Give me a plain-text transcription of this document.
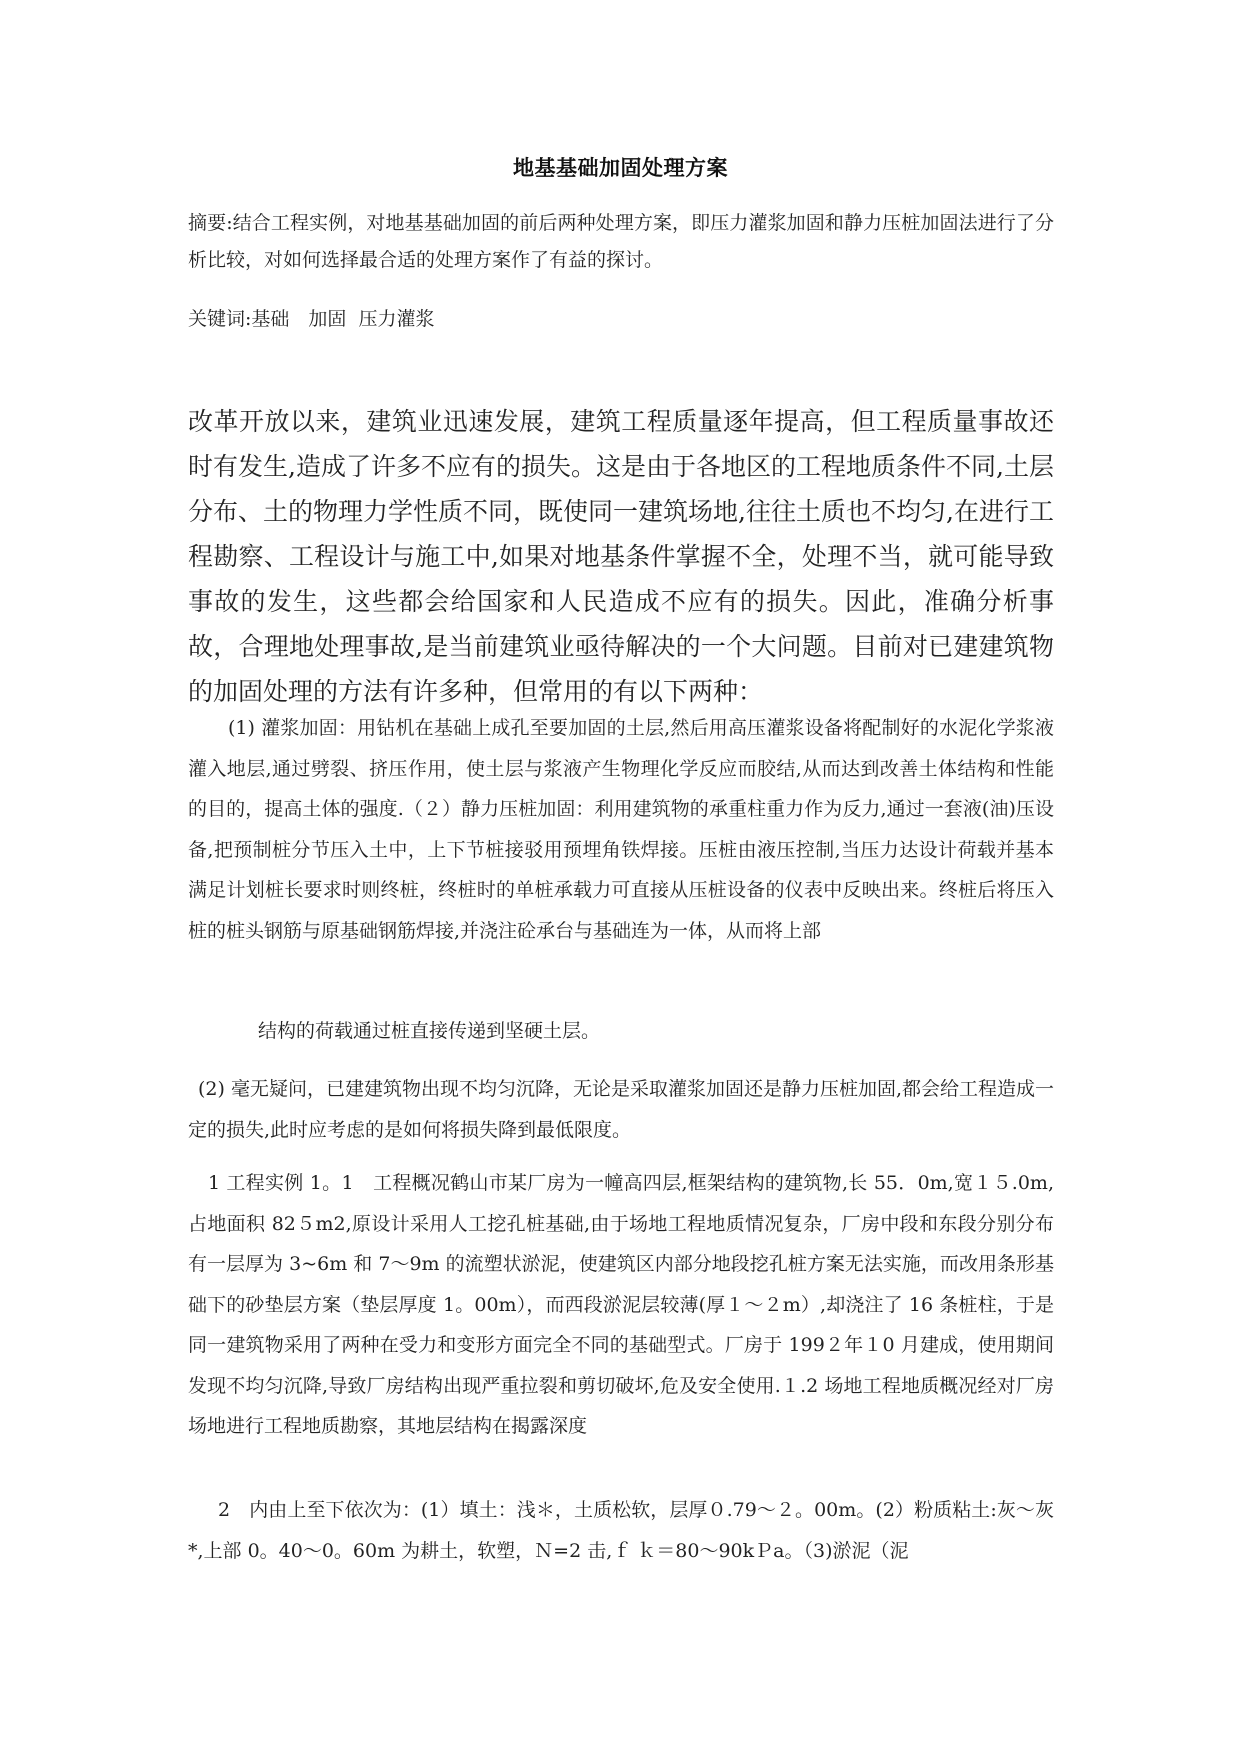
地基基础加固处理方案

摘要:结合工程实例，对地基基础加固的前后两种处理方案，即压力灌浆加固和静力压桩加固法进行了分析比较，对如何选择最合适的处理方案作了有益的探讨。

关键词:基础　加固  压力灌浆

改革开放以来，建筑业迅速发展，建筑工程质量逐年提高，但工程质量事故还时有发生,造成了许多不应有的损失。这是由于各地区的工程地质条件不同,土层分布、土的物理力学性质不同，既使同一建筑场地,往往土质也不均匀,在进行工程勘察、工程设计与施工中,如果对地基条件掌握不全，处理不当，就可能导致事故的发生，这些都会给国家和人民造成不应有的损失。因此，准确分析事故，合理地处理事故,是当前建筑业亟待解决的一个大问题。目前对已建建筑物的加固处理的方法有许多种，但常用的有以下两种：

(1) 灌浆加固：用钻机在基础上成孔至要加固的土层,然后用高压灌浆设备将配制好的水泥化学浆液灌入地层,通过劈裂、挤压作用，使土层与浆液产生物理化学反应而胶结,从而达到改善土体结构和性能的目的，提高土体的强度.（２）静力压桩加固：利用建筑物的承重柱重力作为反力,通过一套液(油)压设备,把预制桩分节压入土中，上下节桩接驳用预埋角铁焊接。压桩由液压控制,当压力达设计荷载并基本满足计划桩长要求时则终桩，终桩时的单桩承载力可直接从压桩设备的仪表中反映出来。终桩后将压入桩的桩头钢筋与原基础钢筋焊接,并浇注砼承台与基础连为一体，从而将上部

结构的荷载通过桩直接传递到坚硬土层。

(2) 毫无疑问，已建建筑物出现不均匀沉降，无论是采取灌浆加固还是静力压桩加固,都会给工程造成一定的损失,此时应考虑的是如何将损失降到最低限度。

1 工程实例 1。1　工程概况鹤山市某厂房为一幢高四层,框架结构的建筑物,长 55．0m,宽１５.0m,占地面积 82５m2,原设计采用人工挖孔桩基础,由于场地工程地质情况复杂，厂房中段和东段分别分布有一层厚为 3~6m 和 7～9m 的流塑状淤泥，使建筑区内部分地段挖孔桩方案无法实施，而改用条形基础下的砂垫层方案（垫层厚度 1。00m），而西段淤泥层较薄(厚１～２m）,却浇注了 16 条桩柱，于是同一建筑物采用了两种在受力和变形方面完全不同的基础型式。厂房于 199２年１0 月建成，使用期间发现不均匀沉降,导致厂房结构出现严重拉裂和剪切破坏,危及安全使用.１.2 场地工程地质概况经对厂房场地进行工程地质勘察，其地层结构在揭露深度

2　内由上至下依次为：(1）填土：浅＊，土质松软，层厚０.79～２。00m。(2）粉质粘土:灰～灰*,上部 0。40～0。60m 为耕土，软塑，Ｎ=2 击,ｆ ｋ＝80～90kＰa。（3)淤泥（泥
